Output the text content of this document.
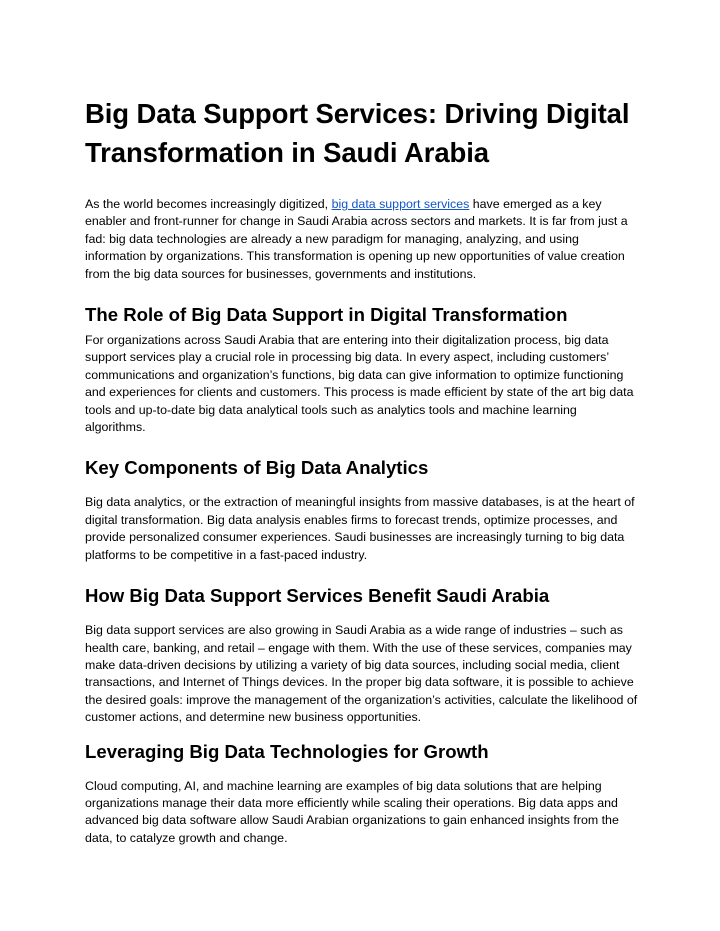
Big Data Support Services: Driving Digital Transformation in Saudi Arabia

As the world becomes increasingly digitized, big data support services have emerged as a key enabler and front-runner for change in Saudi Arabia across sectors and markets. It is far from just a fad: big data technologies are already a new paradigm for managing, analyzing, and using information by organizations. This transformation is opening up new opportunities of value creation from the big data sources for businesses, governments and institutions.

The Role of Big Data Support in Digital Transformation

For organizations across Saudi Arabia that are entering into their digitalization process, big data support services play a crucial role in processing big data. In every aspect, including customers’ communications and organization’s functions, big data can give information to optimize functioning and experiences for clients and customers. This process is made efficient by state of the art big data tools and up-to-date big data analytical tools such as analytics tools and machine learning algorithms.

Key Components of Big Data Analytics

Big data analytics, or the extraction of meaningful insights from massive databases, is at the heart of digital transformation. Big data analysis enables firms to forecast trends, optimize processes, and provide personalized consumer experiences. Saudi businesses are increasingly turning to big data platforms to be competitive in a fast-paced industry.

How Big Data Support Services Benefit Saudi Arabia

Big data support services are also growing in Saudi Arabia as a wide range of industries – such as health care, banking, and retail – engage with them. With the use of these services, companies may make data-driven decisions by utilizing a variety of big data sources, including social media, client transactions, and Internet of Things devices. In the proper big data software, it is possible to achieve the desired goals: improve the management of the organization’s activities, calculate the likelihood of customer actions, and determine new business opportunities.

Leveraging Big Data Technologies for Growth

Cloud computing, AI, and machine learning are examples of big data solutions that are helping organizations manage their data more efficiently while scaling their operations. Big data apps and advanced big data software allow Saudi Arabian organizations to gain enhanced insights from the data, to catalyze growth and change.
